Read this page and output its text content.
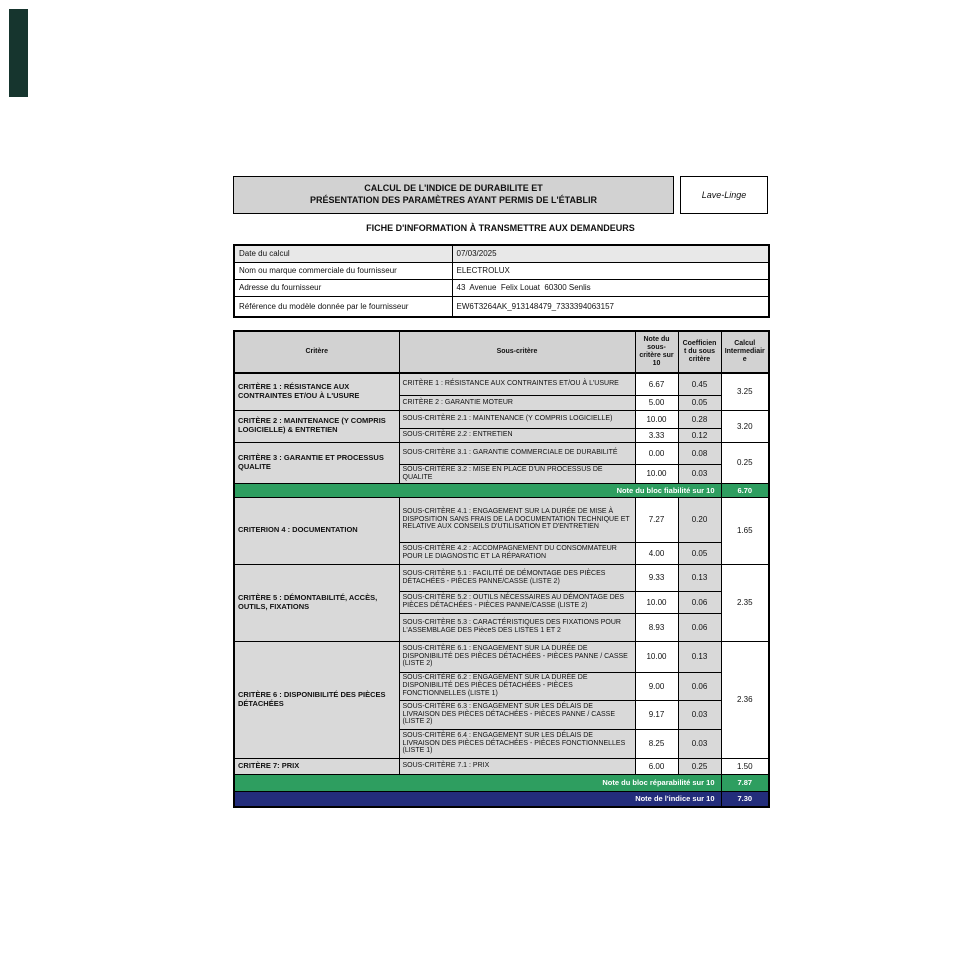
CALCUL DE L'INDICE DE DURABILITE ET
PRÉSENTATION DES PARAMÈTRES AYANT PERMIS DE L'ÉTABLIR	Lave-Linge
FICHE D'INFORMATION À TRANSMETTRE AUX DEMANDEURS
Date du calcul	07/03/2025
Nom ou marque commerciale du fournisseur	ELECTROLUX
Adresse du fournisseur	43  Avenue  Felix Louat  60300 Senlis
Référence du modèle donnée par le fournisseur	EW6T3264AK_913148479_7333394063157
Critère	Sous-critère	Note du sous-critère sur 10	Coefficient du sous critère	Calcul Intermediaire
CRITÈRE 1 : RÉSISTANCE AUX CONTRAINTES ET/OU À L'USURE	CRITÈRE 1 : RÉSISTANCE AUX CONTRAINTES ET/OU À L'USURE	6.67	0.45	3.25
	CRITÈRE 2 : GARANTIE MOTEUR	5.00	0.05	
CRITÈRE 2 : MAINTENANCE (Y COMPRIS LOGICIELLE) & ENTRETIEN	SOUS-CRITÈRE 2.1 : MAINTENANCE (Y COMPRIS LOGICIELLE)	10.00	0.28	3.20
	SOUS-CRITÈRE 2.2 : ENTRETIEN	3.33	0.12	
CRITÈRE 3 : GARANTIE ET PROCESSUS QUALITE	SOUS-CRITÈRE 3.1 : GARANTIE COMMERCIALE DE DURABILITÉ	0.00	0.08	0.25
	SOUS-CRITÈRE 3.2 : MISE EN PLACE D'UN PROCESSUS DE QUALITE	10.00	0.03	
Note du bloc fiabilité sur 10				6.70
CRITERION 4 : DOCUMENTATION	SOUS-CRITÈRE 4.1 : ENGAGEMENT SUR LA DURÉE DE MISE À DISPOSITION SANS FRAIS DE LA DOCUMENTATION TECHNIQUE ET RELATIVE AUX CONSEILS D'UTILISATION ET D'ENTRETIEN	7.27	0.20	1.65
	SOUS-CRITÈRE 4.2 : ACCOMPAGNEMENT DU CONSOMMATEUR POUR LE DIAGNOSTIC ET LA RÉPARATION	4.00	0.05	
CRITÈRE 5 : DÉMONTABILITÉ, ACCÈS, OUTILS, FIXATIONS	SOUS-CRITÈRE 5.1 : FACILITÉ DE DÉMONTAGE DES PIÈCES DÉTACHÉES - PIÈCES PANNE/CASSE (LISTE 2)	9.33	0.13	2.35
	SOUS-CRITÈRE 5.2 : OUTILS NÉCESSAIRES AU DÉMONTAGE DES PIÈCES DÉTACHÉES - PIÈCES PANNE/CASSE (LISTE 2)	10.00	0.06	
	SOUS-CRITÈRE 5.3 : CARACTÉRISTIQUES DES FIXATIONS POUR L'ASSEMBLAGE DES PièceS DES LISTES 1 ET 2	8.93	0.06	
CRITÈRE 6 : DISPONIBILITÉ DES PIÈCES DÉTACHÉES	SOUS-CRITÈRE 6.1 : ENGAGEMENT SUR LA DURÉE DE DISPONIBILITÉ DES PIÈCES DÉTACHÉES - PIÈCES PANNE / CASSE (LISTE 2)	10.00	0.13	2.36
	SOUS-CRITÈRE 6.2 : ENGAGEMENT SUR LA DURÉE DE DISPONIBILITÉ DES PIÈCES DÉTACHÉES - PIÈCES FONCTIONNELLES (LISTE 1)	9.00	0.06	
	SOUS-CRITÈRE 6.3 : ENGAGEMENT SUR LES DÉLAIS DE LIVRAISON DES PIÈCES DÉTACHÉES - PIÈCES PANNE / CASSE (LISTE 2)	9.17	0.03	
	SOUS-CRITÈRE 6.4 : ENGAGEMENT SUR LES DÉLAIS DE LIVRAISON DES PIÈCES DÉTACHÉES - PIÈCES FONCTIONNELLES (LISTE 1)	8.25	0.03	
CRITÈRE 7: PRIX	SOUS-CRITÈRE 7.1 : PRIX	6.00	0.25	1.50
Note du bloc réparabilité sur 10				7.87
Note de l'indice sur 10				7.30
